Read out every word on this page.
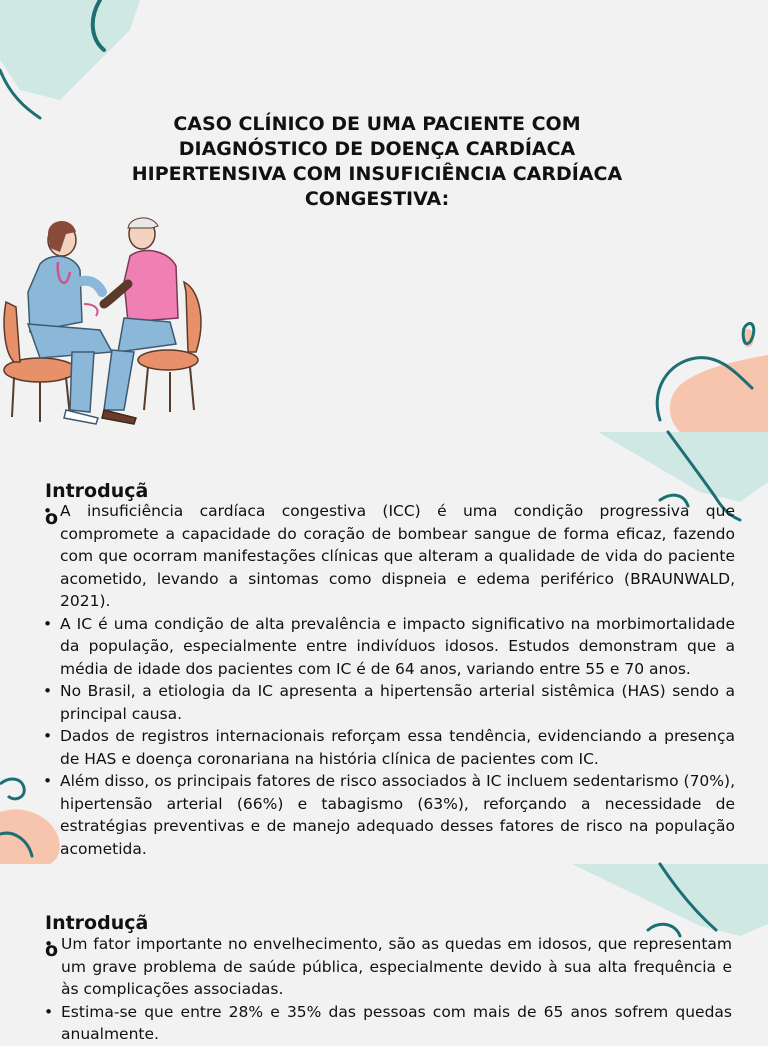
CASO CLÍNICO DE UMA PACIENTE COM DIAGNÓSTICO DE DOENÇA CARDÍACA HIPERTENSIVA COM INSUFICIÊNCIA CARDÍACA CONGESTIVA:
Introdução • A insuficiência cardíaca congestiva (ICC) é uma condição progressiva que compromete a capacidade do coração de bombear sangue de forma eficaz, fazendo com que ocorram manifestações clínicas que alteram a qualidade de vida do paciente acometido, levando a sintomas como dispneia e edema periférico (BRAUNWALD, 2021).
• A IC é uma condição de alta prevalência e impacto significativo na morbimortalidade da população, especialmente entre indivíduos idosos. Estudos demonstram que a média de idade dos pacientes com IC é de 64 anos, variando entre 55 e 70 anos.
• No Brasil, a etiologia da IC apresenta a hipertensão arterial sistêmica (HAS) sendo a principal causa.
• Dados de registros internacionais reforçam essa tendência, evidenciando a presença de HAS e doença coronariana na história clínica de pacientes com IC.
• Além disso, os principais fatores de risco associados à IC incluem sedentarismo (70%), hipertensão arterial (66%) e tabagismo (63%), reforçando a necessidade de estratégias preventivas e de manejo adequado desses fatores de risco na população acometida.
Introdução • Um fator importante no envelhecimento, são as quedas em idosos, que representam um grave problema de saúde pública, especialmente devido à sua alta frequência e às complicações associadas.
• Estima-se que entre 28% e 35% das pessoas com mais de 65 anos sofrem quedas anualmente.
